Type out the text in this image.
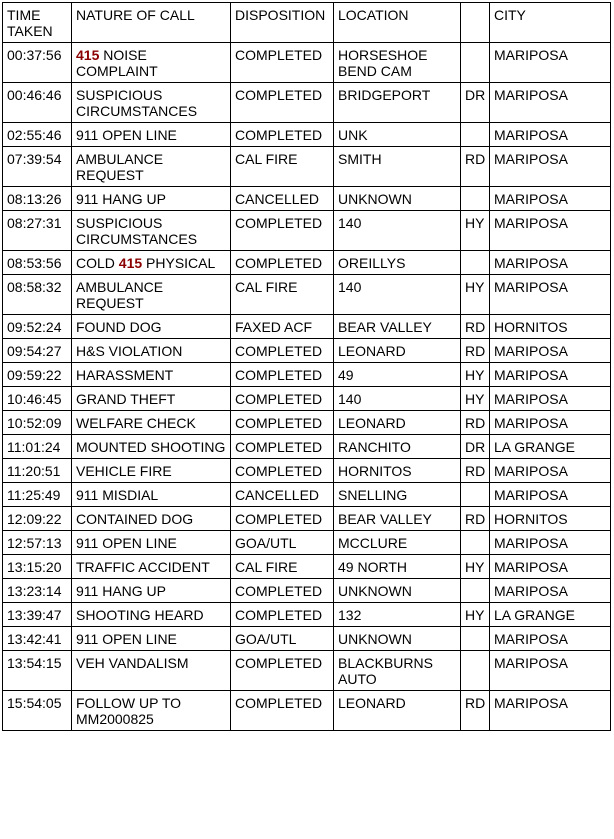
TIME TAKEN	NATURE OF CALL	DISPOSITION	LOCATION		CITY
00:37:56	415 NOISE COMPLAINT	COMPLETED	HORSESHOE BEND CAM		MARIPOSA
00:46:46	SUSPICIOUS CIRCUMSTANCES	COMPLETED	BRIDGEPORT	DR	MARIPOSA
02:55:46	911 OPEN LINE	COMPLETED	UNK		MARIPOSA
07:39:54	AMBULANCE REQUEST	CAL FIRE	SMITH	RD	MARIPOSA
08:13:26	911 HANG UP	CANCELLED	UNKNOWN		MARIPOSA
08:27:31	SUSPICIOUS CIRCUMSTANCES	COMPLETED	140	HY	MARIPOSA
08:53:56	COLD 415 PHYSICAL	COMPLETED	OREILLYS		MARIPOSA
08:58:32	AMBULANCE REQUEST	CAL FIRE	140	HY	MARIPOSA
09:52:24	FOUND DOG	FAXED ACF	BEAR VALLEY	RD	HORNITOS
09:54:27	H&S VIOLATION	COMPLETED	LEONARD	RD	MARIPOSA
09:59:22	HARASSMENT	COMPLETED	49	HY	MARIPOSA
10:46:45	GRAND THEFT	COMPLETED	140	HY	MARIPOSA
10:52:09	WELFARE CHECK	COMPLETED	LEONARD	RD	MARIPOSA
11:01:24	MOUNTED SHOOTING	COMPLETED	RANCHITO	DR	LA GRANGE
11:20:51	VEHICLE FIRE	COMPLETED	HORNITOS	RD	MARIPOSA
11:25:49	911 MISDIAL	CANCELLED	SNELLING		MARIPOSA
12:09:22	CONTAINED DOG	COMPLETED	BEAR VALLEY	RD	HORNITOS
12:57:13	911 OPEN LINE	GOA/UTL	MCCLURE		MARIPOSA
13:15:20	TRAFFIC ACCIDENT	CAL FIRE	49 NORTH	HY	MARIPOSA
13:23:14	911 HANG UP	COMPLETED	UNKNOWN		MARIPOSA
13:39:47	SHOOTING HEARD	COMPLETED	132	HY	LA GRANGE
13:42:41	911 OPEN LINE	GOA/UTL	UNKNOWN		MARIPOSA
13:54:15	VEH VANDALISM	COMPLETED	BLACKBURNS AUTO		MARIPOSA
15:54:05	FOLLOW UP TO MM2000825	COMPLETED	LEONARD	RD	MARIPOSA
